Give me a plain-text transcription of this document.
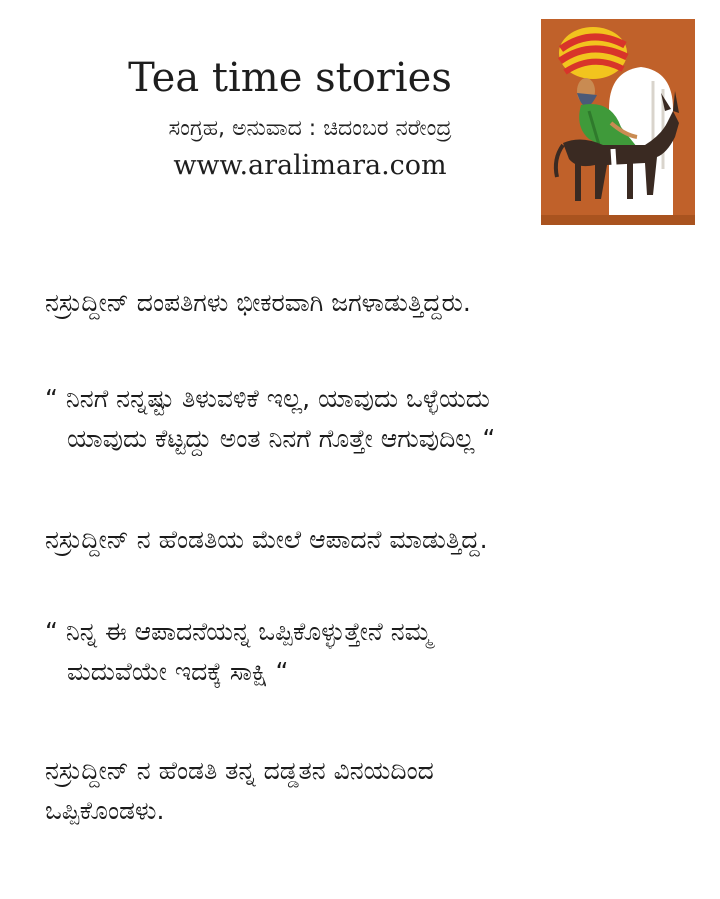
Tea time stories
ಸಂಗ್ರಹ, ಅನುವಾದ : ಚಿದಂಬರ ನರೇಂದ್ರ
www.aralimara.com
ನಸ್ರುದ್ದೀನ್ ದಂಪತಿಗಳು ಭೀಕರವಾಗಿ ಜಗಳಾಡುತ್ತಿದ್ದರು.
“ ನಿನಗೆ ನನ್ನಷ್ಟು ತಿಳುವಳಿಕೆ ಇಲ್ಲ, ಯಾವುದು ಒಳ್ಳೆಯದು
ಯಾವುದು ಕೆಟ್ಟದ್ದು ಅಂತ ನಿನಗೆ ಗೊತ್ತೇ ಆಗುವುದಿಲ್ಲ “
ನಸ್ರುದ್ದೀನ್ ನ ಹೆಂಡತಿಯ ಮೇಲೆ ಆಪಾದನೆ ಮಾಡುತ್ತಿದ್ದ.
“ ನಿನ್ನ ಈ ಆಪಾದನೆಯನ್ನ ಒಪ್ಪಿಕೊಳ್ಳುತ್ತೇನೆ ನಮ್ಮ
ಮದುವೆಯೇ ಇದಕ್ಕೆ ಸಾಕ್ಷಿ “
ನಸ್ರುದ್ದೀನ್ ನ ಹೆಂಡತಿ ತನ್ನ ದಡ್ಡತನ ವಿನಯದಿಂದ
ಒಪ್ಪಿಕೊಂಡಳು.
